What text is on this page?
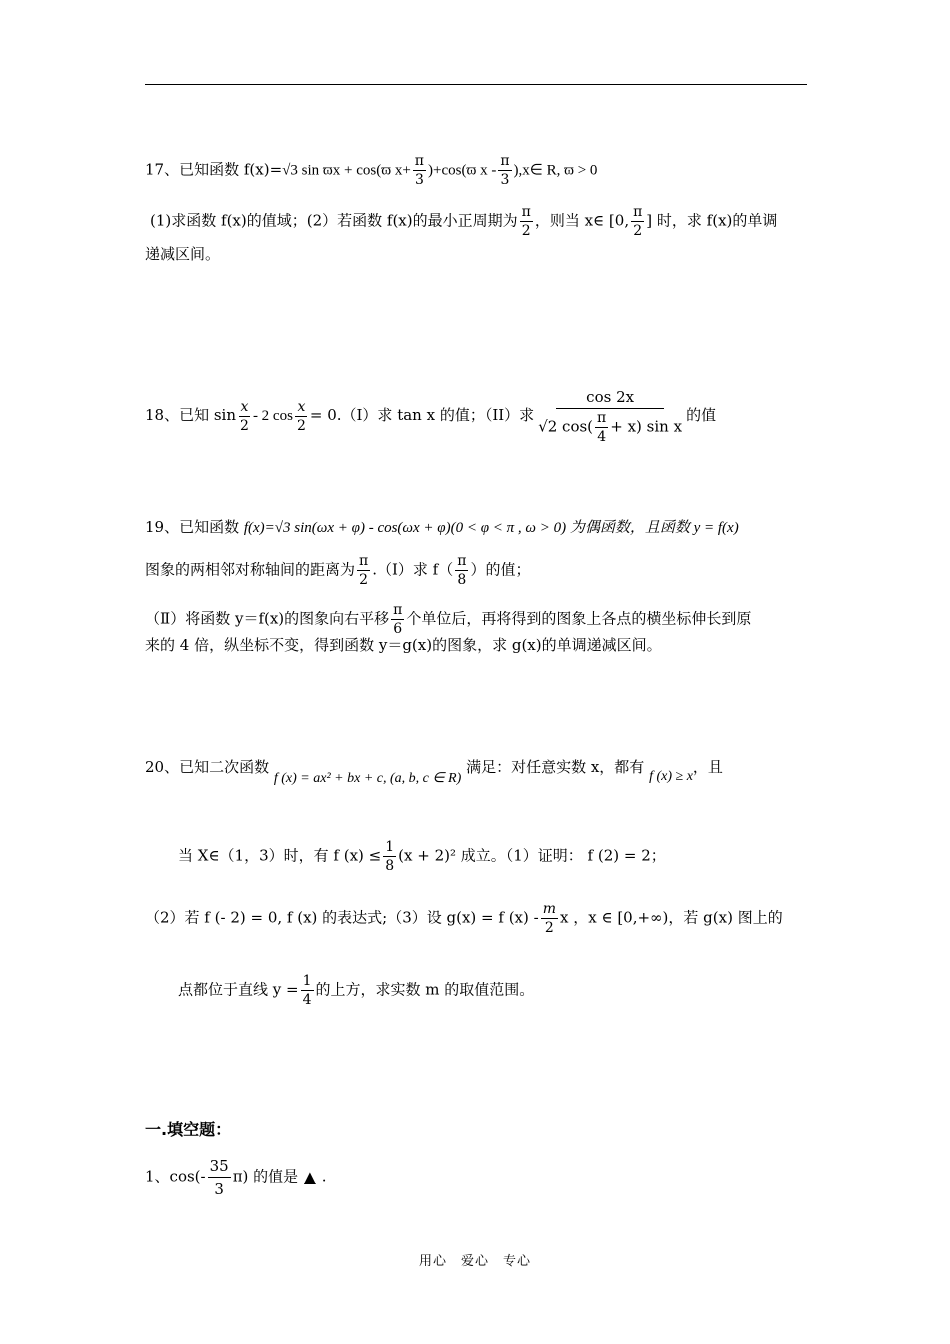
17、已知函数 f(x)=√3 sin ϖx + cos(ϖ $x+ \frac{\pi}{3} )+\cos(ϖ$ x - $\frac{\pi}{3}$ ),x∈ R, ϖ > 0
(1)求函数 f(x)的值域；(2）若函数 f(x)的最小正周期为 $\frac{\pi}{2}$ ，则当 x∈ [0, $\frac{\pi}{2}$ ] 时，求 f(x)的单调
递减区间。
18、已知 $\sin \frac{x}{2} - 2$ $\cos \frac{x}{2} = 0.(I)$求 tan x 的值；（II）求 $\frac{\cos 2x}{√2 \cos( \frac{\pi}{4} + x) \sin x}$ 的值
19、已知函数 f(x)=√3 sin(ωx + φ) - cos(ωx + φ)(0 < φ < π , ω > 0) 为偶函数，且函数 y = f(x)
图象的两相邻对称轴间的距离为 $\frac{\pi}{2}$ .（Ⅰ）求 $f( \frac{\pi}{8}$ ）的值；
（Ⅱ）将函数 y＝f(x)的图象向右平移 $\frac{\pi}{6}$ 个单位后，再将得到的图象上各点的横坐标伸长到原
来的 4 倍，纵坐标不变，得到函数 y＝g(x)的图象，求 g(x)的单调递减区间。
20、已知二次函数 f (x) = ax² + bx + c, (a, b, c ∈ R) 满足：对任意实数 x，都有 f (x) ≥ x，且
当 X∈（1，3）时，有 f $(x) \le \frac{1}{8} (x + 2)^2$ 成立。（1）证明： f (2) = 2；
（2）若 f (- 2) = 0, f (x) 的表达式;（3）设 g(x) = f $(x) - \frac{m}{2}$ x ，x ∈ [0,+∞)，若 g(x) 图上的
点都位于直线 $y = \frac{1}{4}$ 的上方，求实数 m 的取值范围。
一.填空题：
1、$\cos(- \frac{35}{3} \pi)$ 的值是 ▲ .
用心　爱心　专心
